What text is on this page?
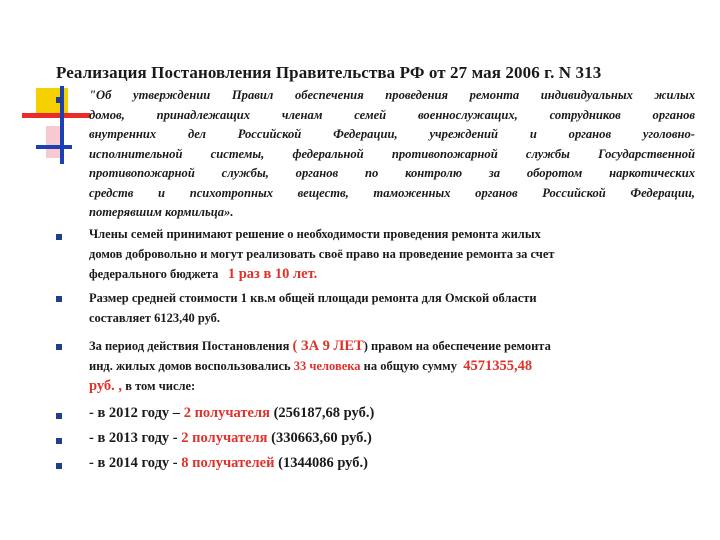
Реализация Постановления Правительства РФ от 27 мая 2006 г. N 313
"Об утверждении Правил обеспечения проведения ремонта индивидуальных жилых
домов, принадлежащих членам семей военнослужащих, сотрудников органов
внутренних дел Российской Федерации, учреждений и органов уголовно-
исполнительной системы, федеральной противопожарной службы Государственной
противопожарной службы, органов по контролю за оборотом наркотических
средств и психотропных веществ, таможенных органов Российской Федерации,
потерявшим кормильца».
Члены семей принимают решение о необходимости проведения ремонта жилых
домов добровольно и могут реализовать своё право на проведение ремонта за счет
федерального бюджета 1 раз в 10 лет.
Размер средней стоимости 1 кв.м общей площади ремонта для Омской области
составляет 6123,40 руб.
За период действия Постановления ( ЗА 9 ЛЕТ) правом на обеспечение ремонта
инд. жилых домов воспользовались 33 человека на общую сумму 4571355,48
руб. , в том числе:
- в 2012 году – 2 получателя (256187,68 руб.)
- в 2013 году - 2 получателя (330663,60 руб.)
- в 2014 году - 8 получателей (1344086 руб.)
